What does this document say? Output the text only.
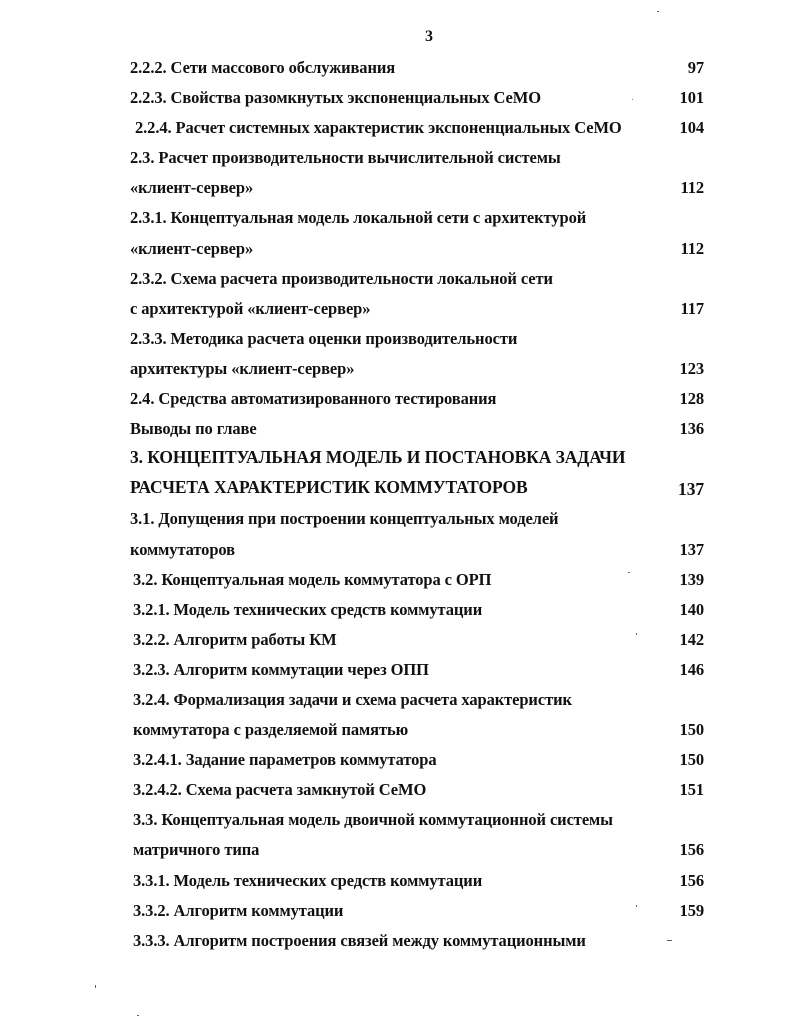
3
2.2.2. Сети массового обслуживания	97
2.2.3. Свойства разомкнутых экспоненциальных СеМО	101
2.2.4. Расчет системных характеристик экспоненциальных СеМО	104
2.3. Расчет производительности вычислительной системы
«клиент-сервер»	112
2.3.1. Концептуальная модель локальной сети с архитектурой
«клиент-сервер»	112
2.3.2. Схема расчета производительности локальной сети
с архитектурой «клиент-сервер»	117
2.3.3. Методика расчета оценки производительности
архитектуры «клиент-сервер»	123
2.4. Средства автоматизированного тестирования	128
Выводы по главе	136
3. КОНЦЕПТУАЛЬНАЯ МОДЕЛЬ И ПОСТАНОВКА ЗАДАЧИ
РАСЧЕТА ХАРАКТЕРИСТИК КОММУТАТОРОВ	137
3.1. Допущения при построении концептуальных моделей
коммутаторов	137
3.2. Концептуальная модель коммутатора с ОРП	139
3.2.1. Модель технических средств коммутации	140
3.2.2. Алгоритм работы КМ	142
3.2.3. Алгоритм коммутации через ОПП	146
3.2.4. Формализация задачи и схема расчета характеристик
коммутатора с разделяемой памятью	150
3.2.4.1. Задание параметров коммутатора	150
3.2.4.2. Схема расчета замкнутой СеМО	151
3.3. Концептуальная модель двоичной коммутационной системы
матричного типа	156
3.3.1. Модель технических средств коммутации	156
3.3.2. Алгоритм коммутации	159
3.3.3. Алгоритм построения связей между коммутационными
